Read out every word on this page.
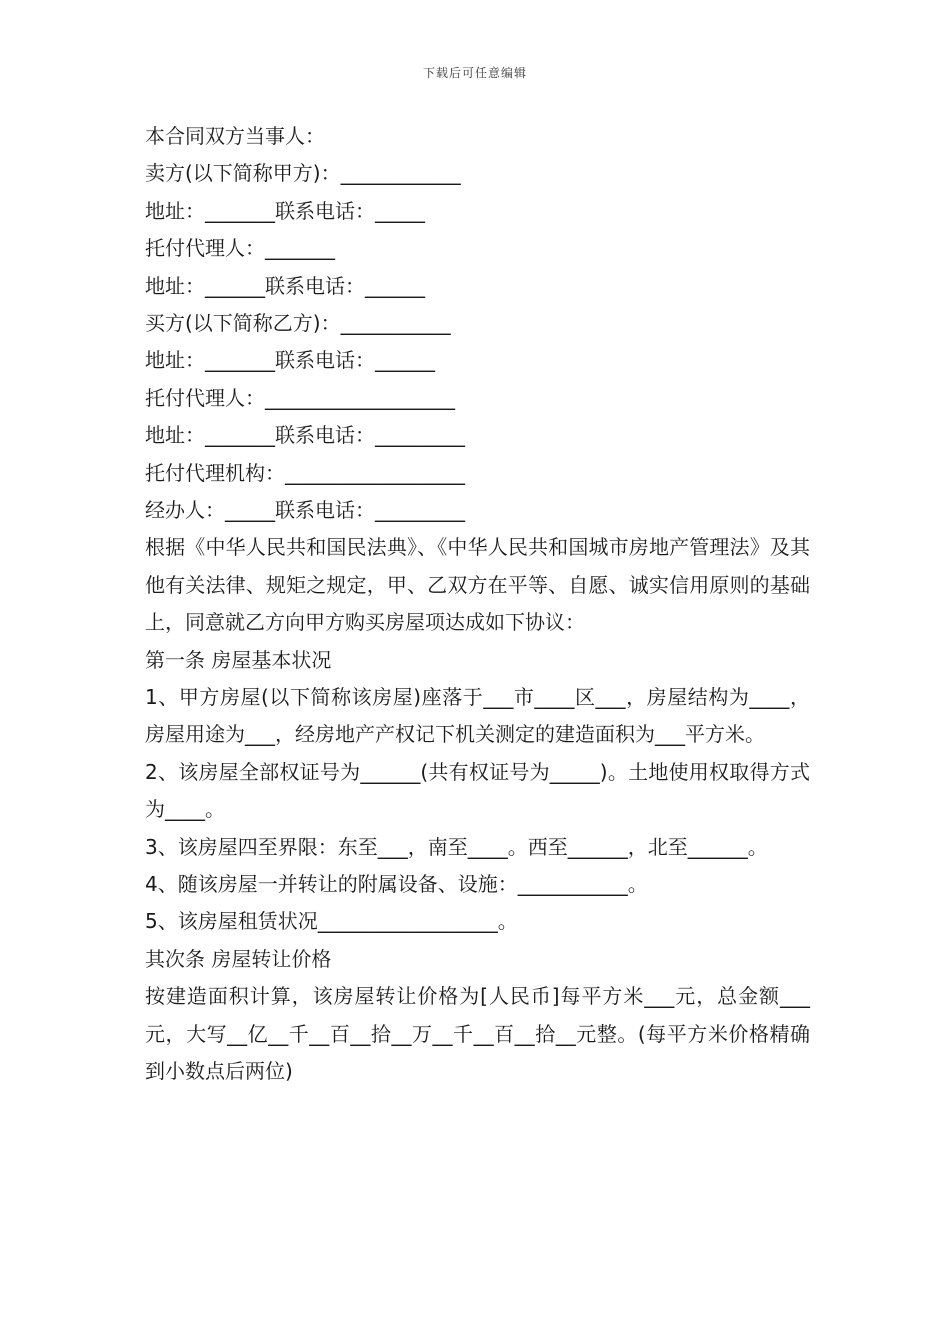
下载后可任意编辑
本合同双方当事人：
卖方(以下简称甲方)：____________
地址：_______联系电话：_____
托付代理人：_______
地址：______联系电话：______
买方(以下简称乙方)：___________
地址：_______联系电话：______
托付代理人：___________________
地址：_______联系电话：_________
托付代理机构：__________________
经办人：_____联系电话：_________
根据《中华人民共和国民法典》、《中华人民共和国城市房地产管理法》及其他有关法律、规矩之规定，甲、乙双方在平等、自愿、诚实信用原则的基础上，同意就乙方向甲方购买房屋项达成如下协议：
第一条 房屋基本状况
1、甲方房屋(以下简称该房屋)座落于___市____区___，房屋结构为____，房屋用途为___，经房地产产权记下机关测定的建造面积为___平方米。
2、该房屋全部权证号为______(共有权证号为_____)。土地使用权取得方式为____。
3、该房屋四至界限：东至___，南至____。西至______，北至______。
4、随该房屋一并转让的附属设备、设施：___________。
5、该房屋租赁状况__________________。
其次条 房屋转让价格
按建造面积计算，该房屋转让价格为[人民币]每平方米___元，总金额___元，大写__亿__千__百__拾__万__千__百__拾__元整。(每平方米价格精确到小数点后两位)
